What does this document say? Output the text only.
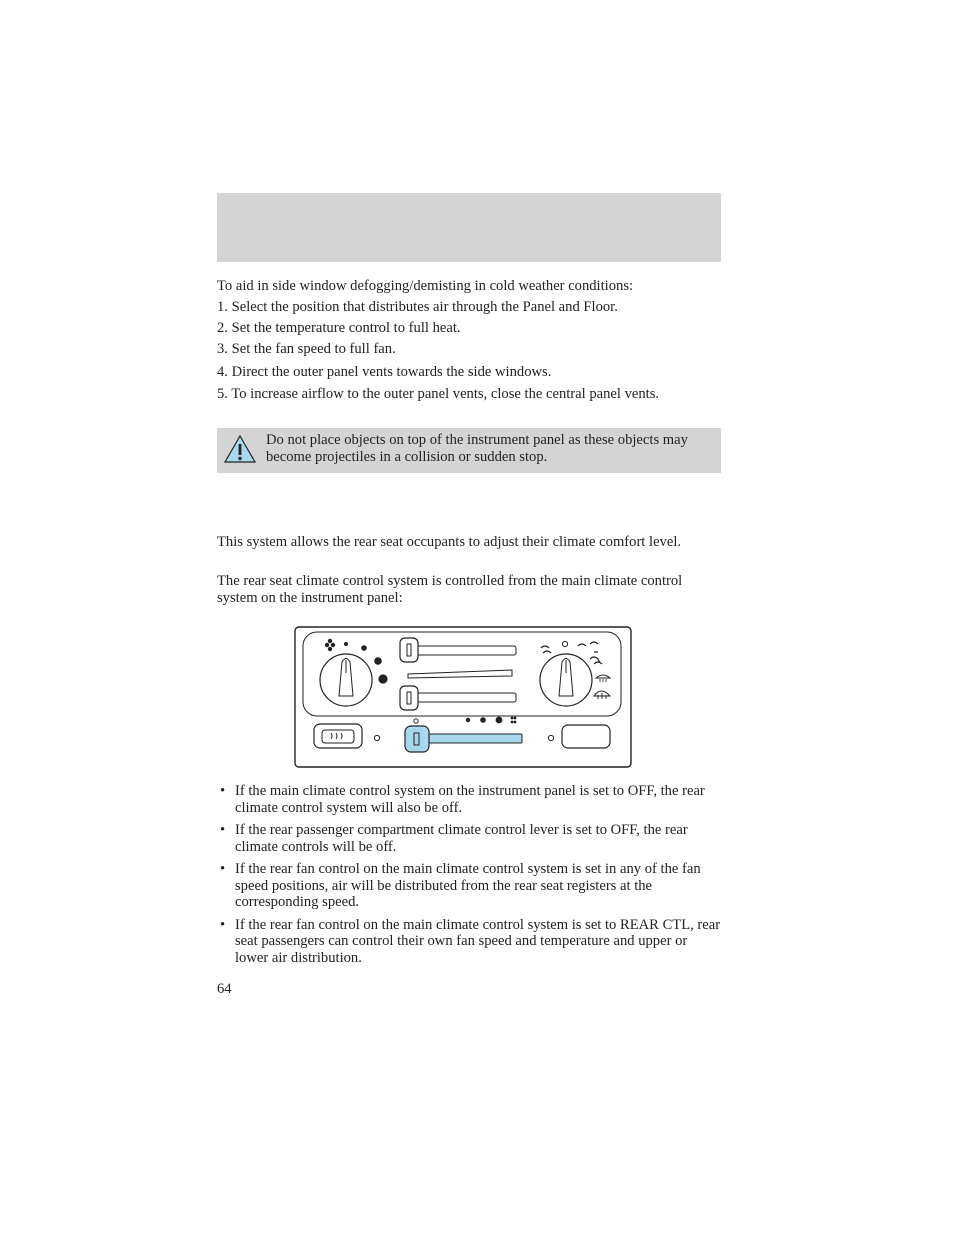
To aid in side window defogging/demisting in cold weather conditions:

1. Select the position that distributes air through the Panel and Floor.

2. Set the temperature control to full heat.

3. Set the fan speed to full fan.

4. Direct the outer panel vents towards the side windows.

5. To increase airflow to the outer panel vents, close the central panel vents.

Do not place objects on top of the instrument panel as these objects may become projectiles in a collision or sudden stop.

This system allows the rear seat occupants to adjust their climate comfort level.

The rear seat climate control system is controlled from the main climate control system on the instrument panel:

• If the main climate control system on the instrument panel is set to OFF, the rear climate control system will also be off.
• If the rear passenger compartment climate control lever is set to OFF, the rear climate controls will be off.
• If the rear fan control on the main climate control system is set in any of the fan speed positions, air will be distributed from the rear seat registers at the corresponding speed.
• If the rear fan control on the main climate control system is set to REAR CTL, rear seat passengers can control their own fan speed and temperature and upper or lower air distribution.
64
